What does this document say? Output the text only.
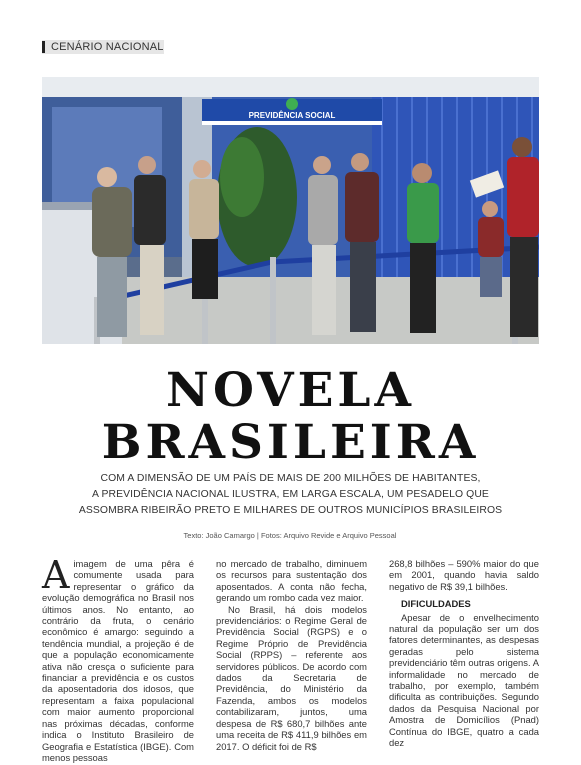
CENÁRIO NACIONAL
PREVIDÊNCIA SOCIAL
NOVELA
BRASILEIRA
COM A DIMENSÃO DE UM PAÍS DE MAIS DE 200 MILHÕES DE HABITANTES,
A PREVIDÊNCIA NACIONAL ILUSTRA, EM LARGA ESCALA, UM PESADELO QUE
ASSOMBRA RIBEIRÃO PRETO E MILHARES DE OUTROS MUNICÍPIOS BRASILEIROS
Texto: João Camargo | Fotos: Arquivo Revide e Arquivo Pessoal

A imagem de uma pêra é comumente usada para representar o gráfico da evolução demográfica no Brasil nos últimos anos. No entanto, ao contrário da fruta, o cenário econômico é amargo: seguindo a tendência mundial, a projeção é de que a população economicamente ativa não cresça o suficiente para financiar a previdência e os custos da aposentadoria dos idosos, que representam a faixa populacional com maior aumento proporcional nas próximas décadas, conforme indica o Instituto Brasileiro de Geografia e Estatística (IBGE). Com menos pessoas

no mercado de trabalho, diminuem os recursos para sustentação dos aposentados. A conta não fecha, gerando um rombo cada vez maior.

No Brasil, há dois modelos previdenciários: o Regime Geral de Previdência Social (RGPS) e o Regime Próprio de Previdência Social (RPPS) – referente aos servidores públicos. De acordo com dados da Secretaria de Previdência, do Ministério da Fazenda, ambos os modelos contabilizaram, juntos, uma despesa de R$ 680,7 bilhões ante uma receita de R$ 411,9 bilhões em 2017. O déficit foi de R$

268,8 bilhões – 590% maior do que em 2001, quando havia saldo negativo de R$ 39,1 bilhões.

DIFICULDADES

Apesar de o envelhecimento natural da população ser um dos fatores determinantes, as despesas geradas pelo sistema previdenciário têm outras origens. A informalidade no mercado de trabalho, por exemplo, também dificulta as contribuições. Segundo dados da Pesquisa Nacional por Amostra de Domicílios (Pnad) Contínua do IBGE, quatro a cada dez
